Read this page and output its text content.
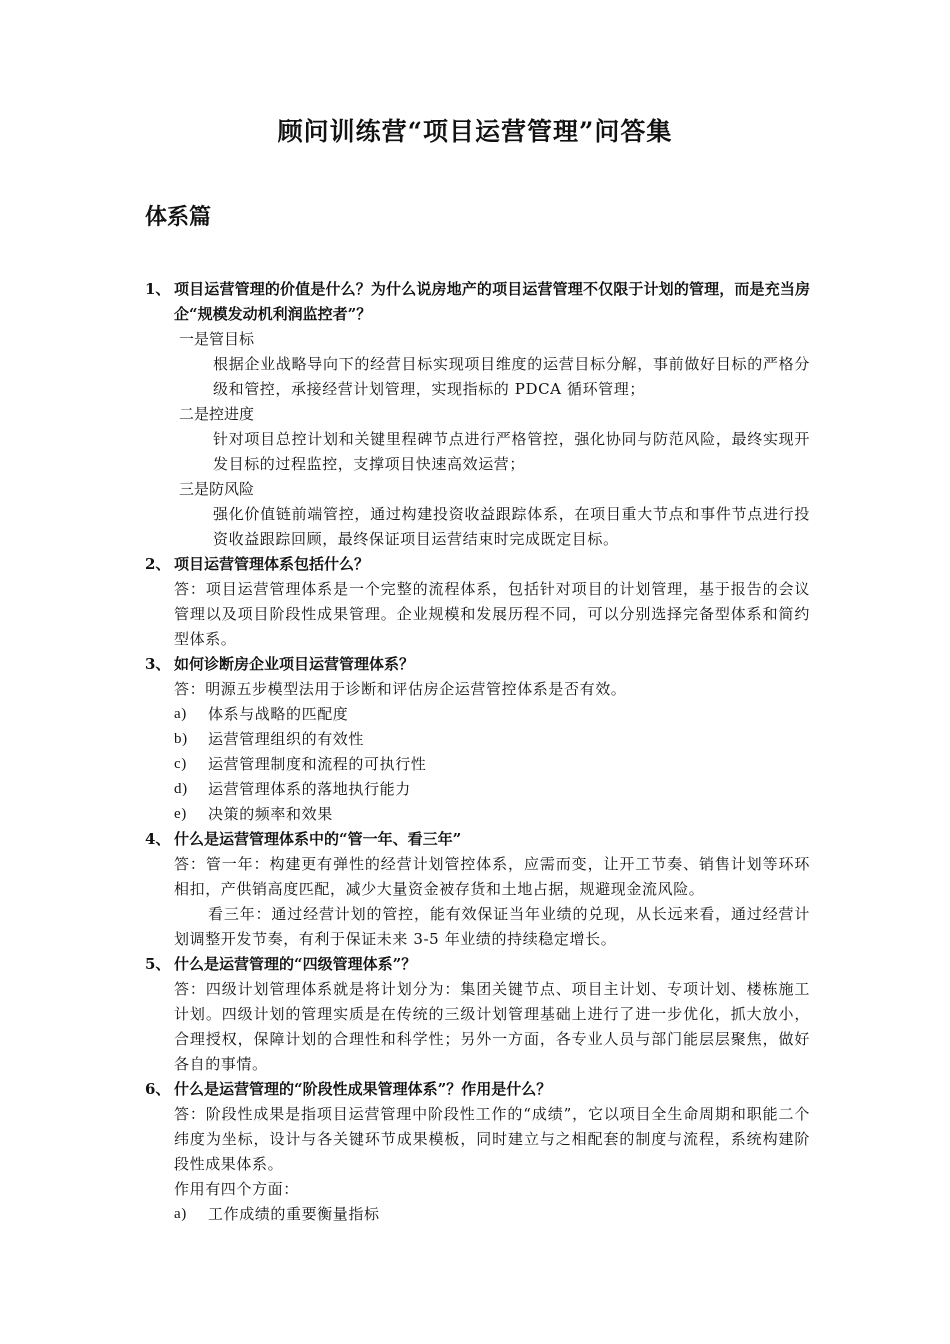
顾问训练营“项目运营管理”问答集
体系篇
1、 项目运营管理的价值是什么？为什么说房地产的项目运营管理不仅限于计划的管理，而是充当房企“规模发动机利润监控者”？
一是管目标
根据企业战略导向下的经营目标实现项目维度的运营目标分解，事前做好目标的严格分级和管控，承接经营计划管理，实现指标的 PDCA 循环管理；
二是控进度
针对项目总控计划和关键里程碑节点进行严格管控，强化协同与防范风险，最终实现开发目标的过程监控，支撑项目快速高效运营；
三是防风险
强化价值链前端管控，通过构建投资收益跟踪体系，在项目重大节点和事件节点进行投资收益跟踪回顾，最终保证项目运营结束时完成既定目标。
2、 项目运营管理体系包括什么？
答：项目运营管理体系是一个完整的流程体系，包括针对项目的计划管理，基于报告的会议管理以及项目阶段性成果管理。企业规模和发展历程不同，可以分别选择完备型体系和简约型体系。
3、 如何诊断房企业项目运营管理体系？
答：明源五步模型法用于诊断和评估房企运营管控体系是否有效。
a)	体系与战略的匹配度
b)	运营管理组织的有效性
c)	运营管理制度和流程的可执行性
d)	运营管理体系的落地执行能力
e)	决策的频率和效果
4、 什么是运营管理体系中的“管一年、看三年”
答：管一年：构建更有弹性的经营计划管控体系，应需而变，让开工节奏、销售计划等环环相扣，产供销高度匹配，减少大量资金被存货和土地占据，规避现金流风险。
看三年：通过经营计划的管控，能有效保证当年业绩的兑现，从长远来看，通过经营计划调整开发节奏，有利于保证未来 3-5 年业绩的持续稳定增长。
5、 什么是运营管理的“四级管理体系”？
答：四级计划管理体系就是将计划分为：集团关键节点、项目主计划、专项计划、楼栋施工计划。四级计划的管理实质是在传统的三级计划管理基础上进行了进一步优化，抓大放小，合理授权，保障计划的合理性和科学性；另外一方面，各专业人员与部门能层层聚焦，做好各自的事情。
6、 什么是运营管理的“阶段性成果管理体系”？作用是什么？
答：阶段性成果是指项目运营管理中阶段性工作的“成绩”，它以项目全生命周期和职能二个纬度为坐标，设计与各关键环节成果模板，同时建立与之相配套的制度与流程，系统构建阶段性成果体系。
作用有四个方面：
a)	工作成绩的重要衡量指标
